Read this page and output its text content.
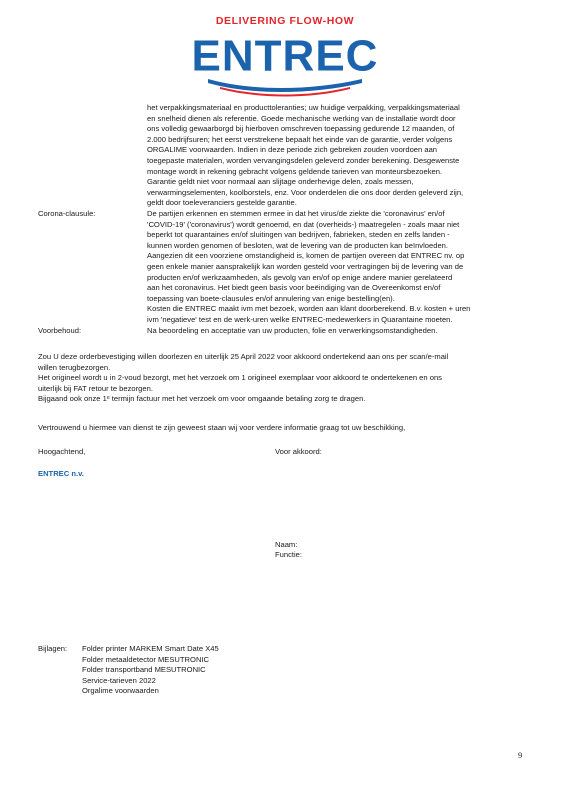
DELIVERING FLOW-HOW
ENTREC
het verpakkingsmateriaal en producttoleranties; uw huidige verpakking, verpakkingsmateriaal
en snelheid dienen als referentie. Goede mechanische werking van de installatie wordt door
ons volledig gewaarborgd bij hierboven omschreven toepassing gedurende 12 maanden, of
2.000 bedrijfsuren; het eerst verstrekene bepaalt het einde van de garantie, verder volgens
ORGALIME voorwaarden. Indien in deze periode zich gebreken zouden voordoen aan
toegepaste materialen, worden vervangingsdelen geleverd zonder berekening. Desgewenste
montage wordt in rekening gebracht volgens geldende tarieven van monteursbezoeken.
Garantie geldt niet voor normaal aan slijtage onderhevige delen, zoals messen,
verwarmingselementen, koolborstels, enz. Voor onderdelen die ons door derden geleverd zijn,
geldt door toeleveranciers gestelde garantie.
Corona-clausule:	De partijen erkennen en stemmen ermee in dat het virus/de ziekte die 'coronavirus' en/of
'COVID-19' ('coronavirus') wordt genoemd, en dat (overheids-) maatregelen - zoals maar niet
beperkt tot quarantaines en/of sluitingen van bedrijven, fabrieken, steden en zelfs landen -
kunnen worden genomen of besloten, wat de levering van de producten kan beïnvloeden.
Aangezien dit een voorziene omstandigheid is, komen de partijen overeen dat ENTREC nv. op
geen enkele manier aansprakelijk kan worden gesteld voor vertragingen bij de levering van de
producten en/of werkzaamheden, als gevolg van en/of op enige andere manier gerelateerd
aan het coronavirus. Het biedt geen basis voor beëindiging van de Overeenkomst en/of
toepassing van boete-clausules en/of annulering van enige bestelling(en).
Kosten die ENTREC maakt ivm met bezoek, worden aan klant doorberekend. B.v. kosten + uren
ivm 'negatieve' test en de werk-uren welke ENTREC-medewerkers in Quarantaine moeten.
Voorbehoud:	Na beoordeling en acceptatie van uw producten, folie en verwerkingsomstandigheden.
Zou U deze orderbevestiging willen doorlezen en uiterlijk 25 April 2022 voor akkoord ondertekend aan ons per scan/e-mail
willen terugbezorgen.
Het origineel wordt u in 2-voud bezorgt, met het verzoek om 1 origineel exemplaar voor akkoord te ondertekenen en ons
uiterlijk bij FAT retour te bezorgen.
Bijgaand ook onze 1ᵉ termijn factuur met het verzoek om voor omgaande betaling zorg te dragen.
Vertrouwend u hiermee van dienst te zijn geweest staan wij voor verdere informatie graag tot uw beschikking,
Hoogachtend,	Voor akkoord:
ENTREC n.v.
Naam:
Functie:
Bijlagen: Folder printer MARKEM Smart Date X45
Folder metaaldetector MESUTRONIC
Folder transportband MESUTRONIC
Service-tarieven 2022
Orgalime voorwaarden
9
